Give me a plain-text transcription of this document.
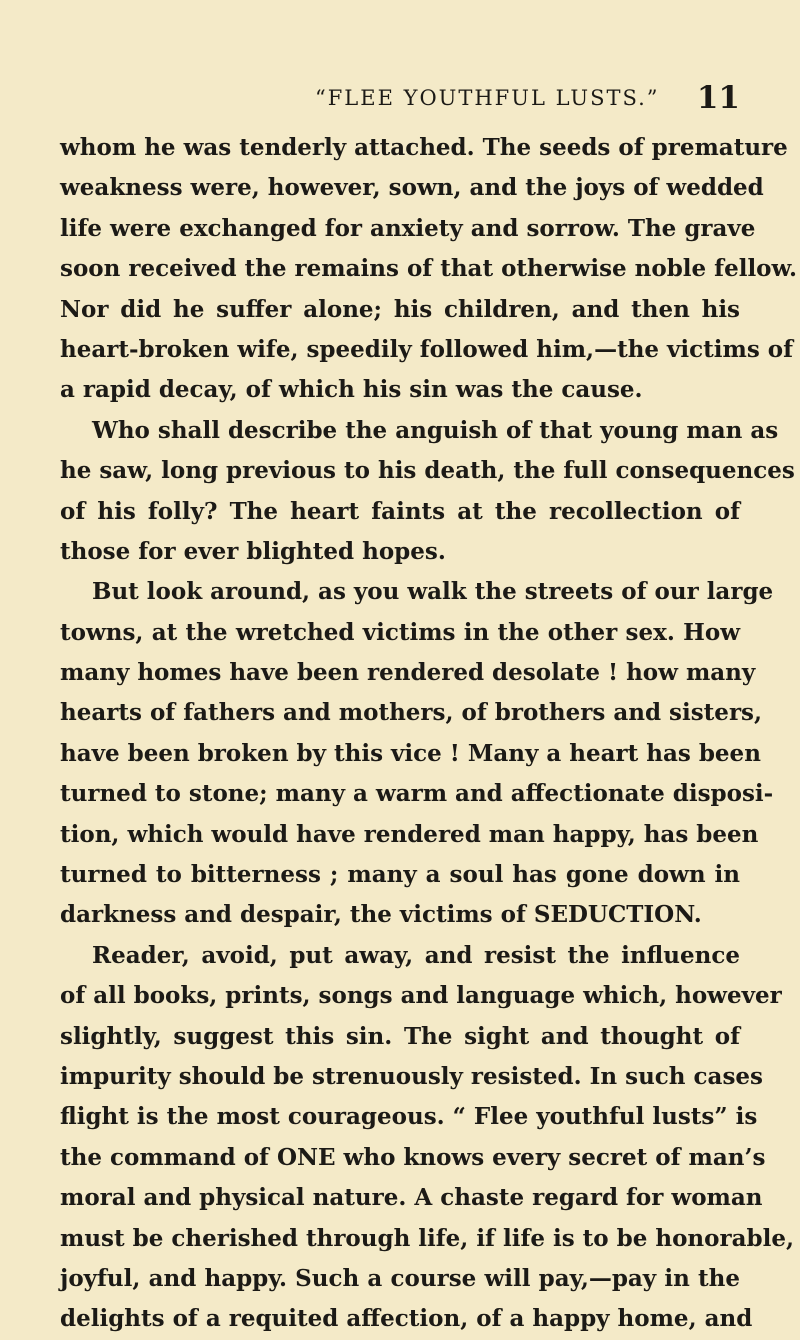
“FLEE YOUTHFUL LUSTS.” 11
whom he was tenderly attached. The seeds of premature
weakness were, however, sown, and the joys of wedded
life were exchanged for anxiety and sorrow. The grave
soon received the remains of that otherwise noble fellow.
Nor did he suffer alone; his children, and then his
heart-broken wife, speedily followed him,—the victims of
a rapid decay, of which his sin was the cause.
Who shall describe the anguish of that young man as
he saw, long previous to his death, the full consequences
of his folly? The heart faints at the recollection of
those for ever blighted hopes.
But look around, as you walk the streets of our large
towns, at the wretched victims in the other sex. How
many homes have been rendered desolate ! how many
hearts of fathers and mothers, of brothers and sisters,
have been broken by this vice ! Many a heart has been
turned to stone; many a warm and affectionate disposi-
tion, which would have rendered man happy, has been
turned to bitterness ; many a soul has gone down in
darkness and despair, the victims of SEDUCTION.
Reader, avoid, put away, and resist the influence
of all books, prints, songs and language which, however
slightly, suggest this sin. The sight and thought of
impurity should be strenuously resisted. In such cases
flight is the most courageous. “ Flee youthful lusts” is
the command of ONE who knows every secret of man’s
moral and physical nature. A chaste regard for woman
must be cherished through life, if life is to be honorable,
joyful, and happy. Such a course will pay,—pay in the
delights of a requited affection, of a happy home, and
